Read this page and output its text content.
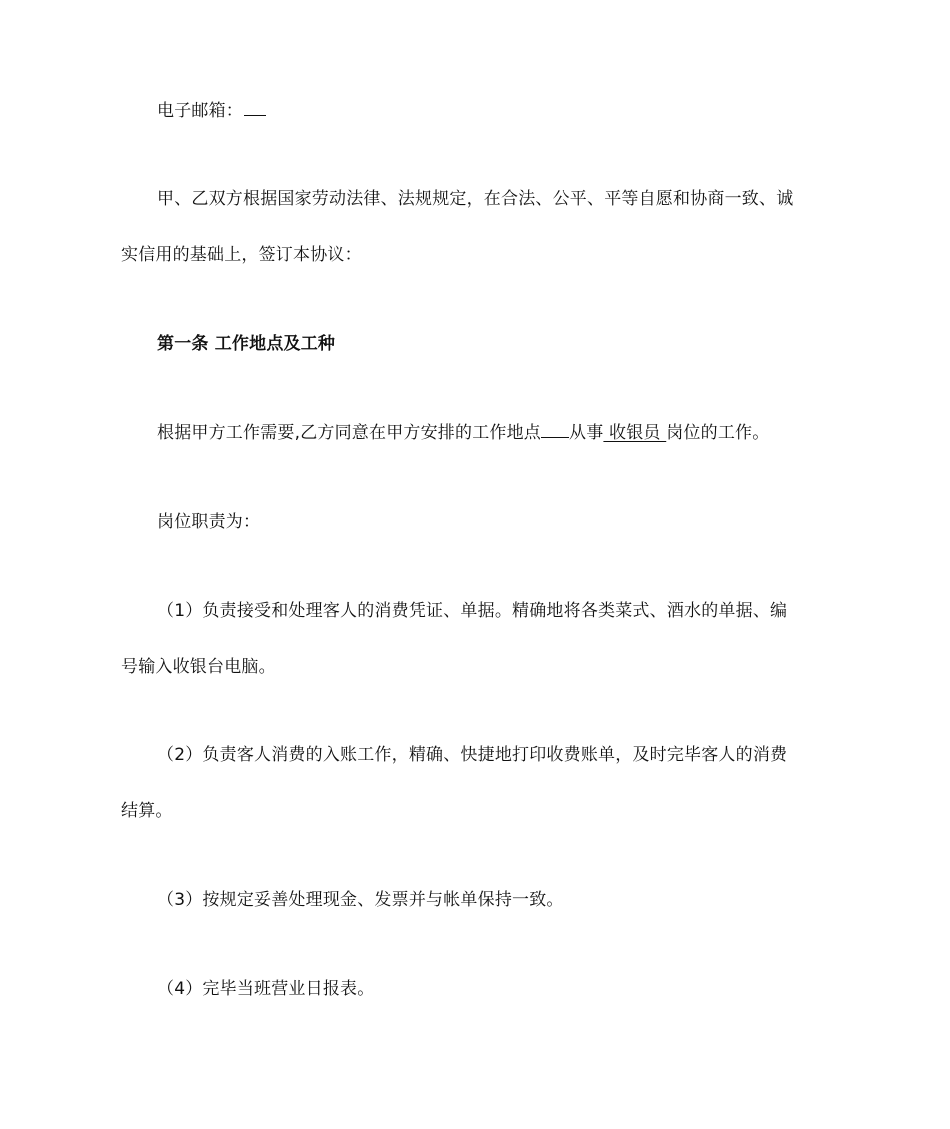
电子邮箱：
甲、乙双方根据国家劳动法律、法规规定，在合法、公平、平等自愿和协商一致、诚
实信用的基础上，签订本协议：
第一条 工作地点及工种
根据甲方工作需要,乙方同意在甲方安排的工作地点 从事 收银员 岗位的工作。
岗位职责为：
（1）负责接受和处理客人的消费凭证、单据。精确地将各类菜式、酒水的单据、编
号输入收银台电脑。
（2）负责客人消费的入账工作，精确、快捷地打印收费账单，及时完毕客人的消费
结算。
（3）按规定妥善处理现金、发票并与帐单保持一致。
（4）完毕当班营业日报表。
